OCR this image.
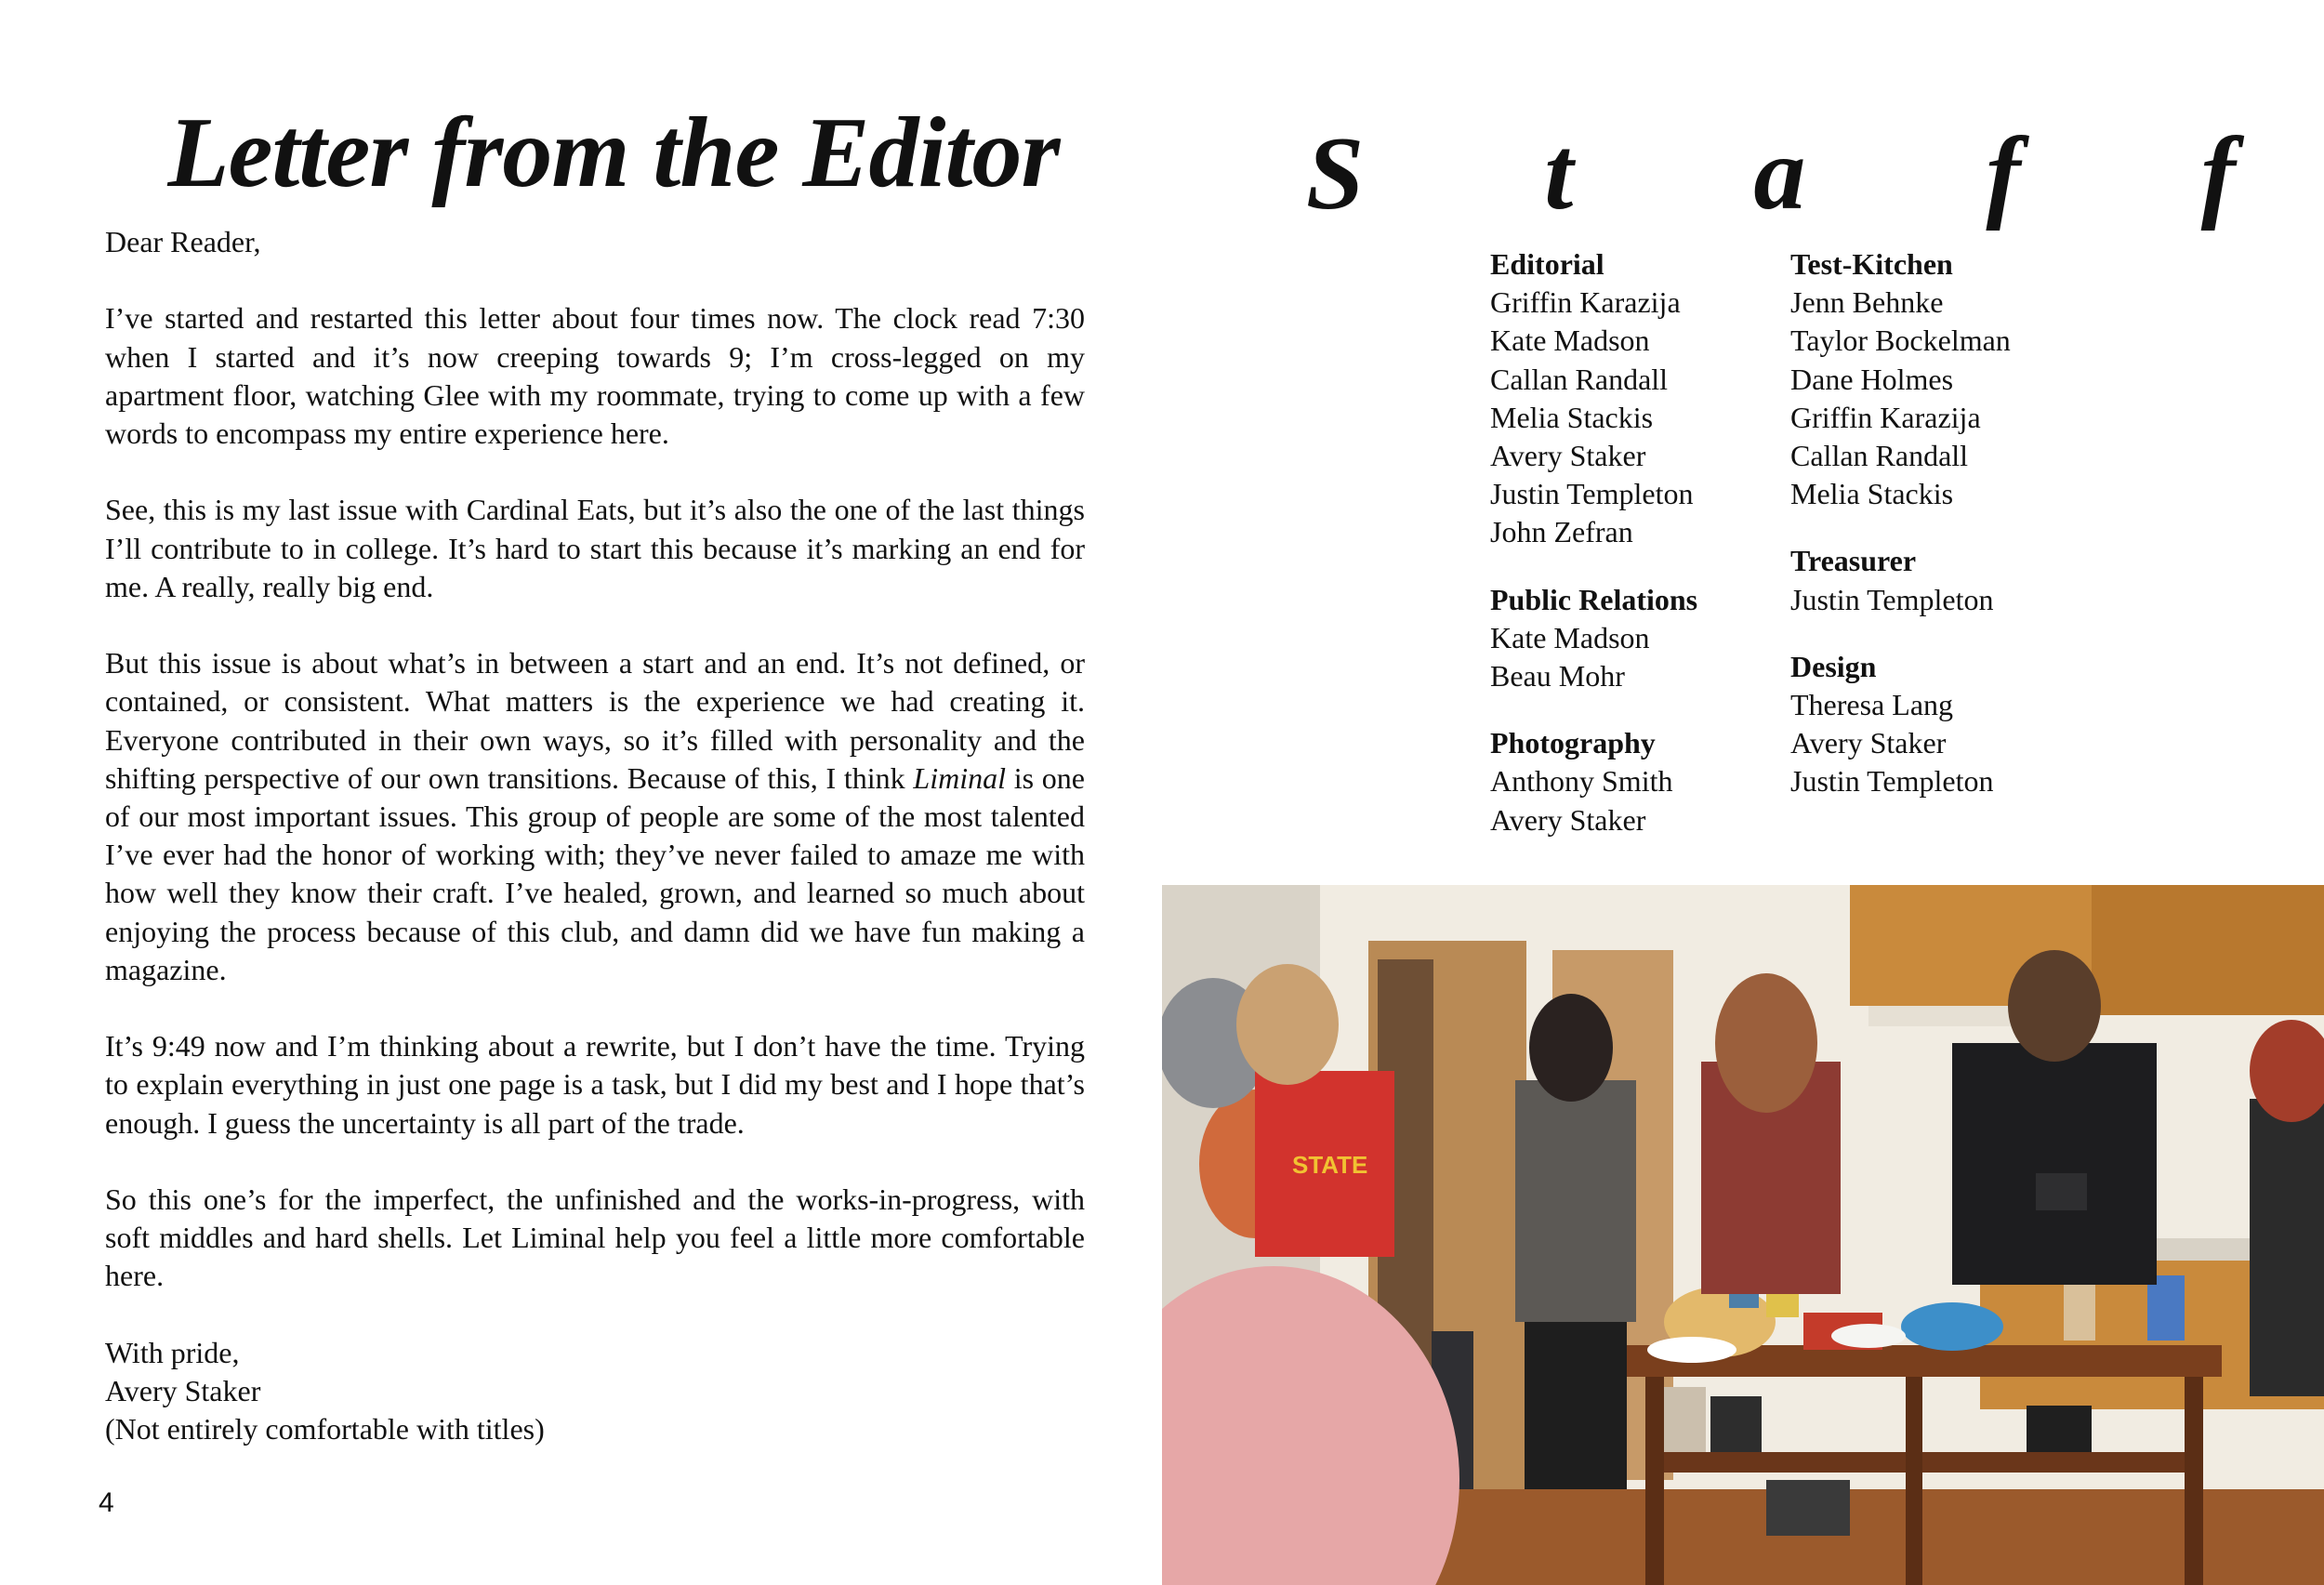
Letter from the Editor

Dear Reader,

I’ve started and restarted this letter about four times now. The clock read 7:30 when I started and it’s now creeping towards 9; I’m cross-legged on my apartment floor, watching Glee with my roommate, trying to come up with a few words to encompass my entire experience here.

See, this is my last issue with Cardinal Eats, but it’s also the one of the last things I’ll contribute to in college. It’s hard to start this because it’s marking an end for me. A really, really big end.

But this issue is about what’s in between a start and an end. It’s not defined, or contained, or consistent. What matters is the experience we had creating it. Everyone contributed in their own ways, so it’s filled with personality and the shifting perspective of our own transitions. Because of this, I think Liminal is one of our most important issues. This group of people are some of the most talented I’ve ever had the honor of working with; they’ve never failed to amaze me with how well they know their craft. I’ve healed, grown, and learned so much about enjoying the process because of this club, and damn did we have fun making a magazine.

It’s 9:49 now and I’m thinking about a rewrite, but I don’t have the time. Trying to explain everything in just one page is a task, but I did my best and I hope that’s enough. I guess the uncertainty is all part of the trade.

So this one’s for the imperfect, the unfinished and the works-in-progress, with soft middles and hard shells. Let Liminal help you feel a little more comfortable here.

With pride,
Avery Staker
(Not entirely comfortable with titles)
4
S t a f f
Editorial
Griffin Karazija
Kate Madson
Callan Randall
Melia Stackis
Avery Staker
Justin Templeton
John Zefran
Public Relations
Kate Madson
Beau Mohr
Photography
Anthony Smith
Avery Staker
Test-Kitchen
Jenn Behnke
Taylor Bockelman
Dane Holmes
Griffin Karazija
Callan Randall
Melia Stackis
Treasurer
Justin Templeton
Design
Theresa Lang
Avery Staker
Justin Templeton
STATE
